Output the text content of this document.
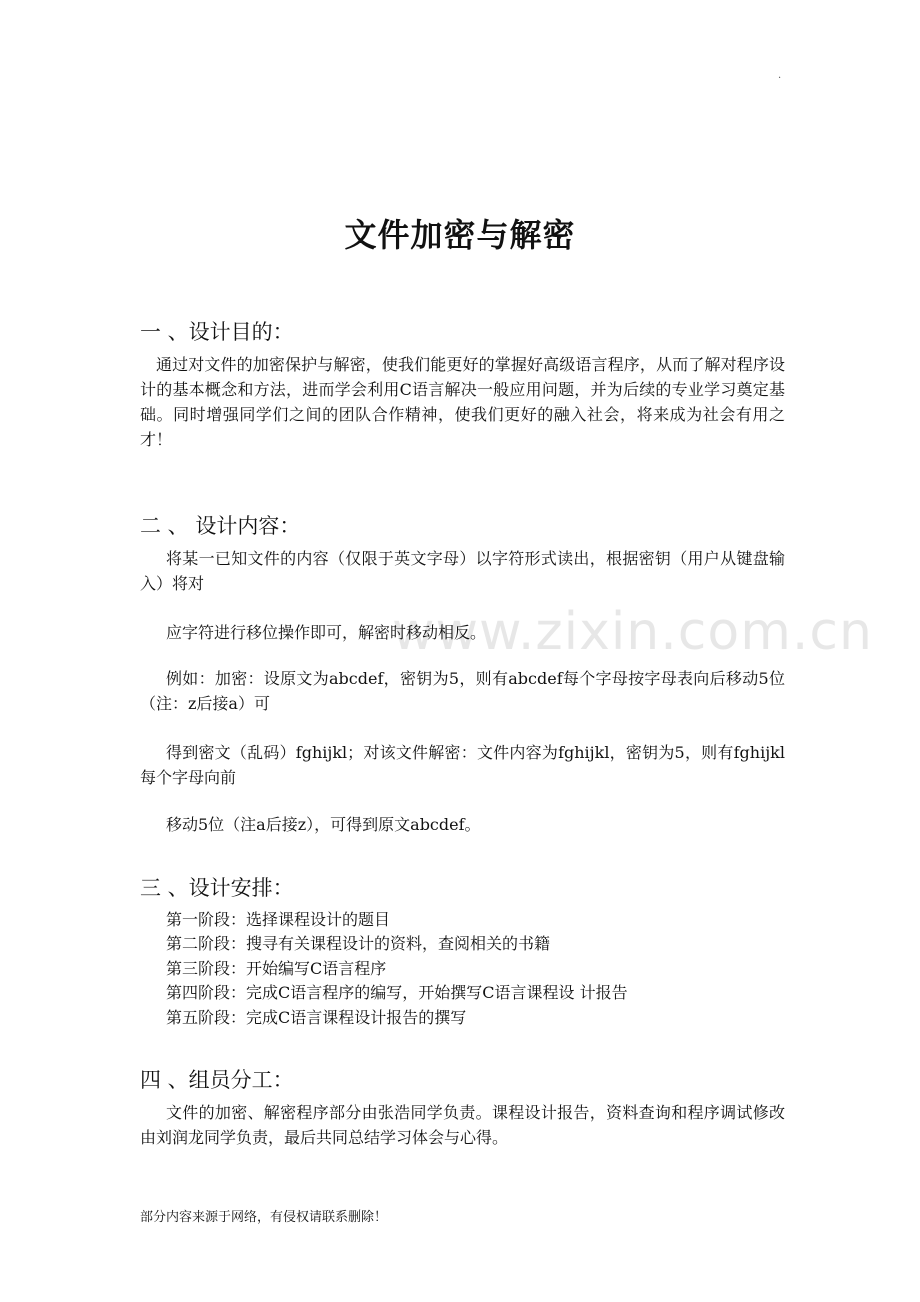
.
www.zixin.com.cn
文件加密与解密
一 、设计目的：
通过对文件的加密保护与解密，使我们能更好的掌握好高级语言程序，从而了解对程序设计的基本概念和方法，进而学会利用C语言解决一般应用问题，并为后续的专业学习奠定基础。同时增强同学们之间的团队合作精神，使我们更好的融入社会，将来成为社会有用之才！
二 、 设计内容：
将某一已知文件的内容（仅限于英文字母）以字符形式读出，根据密钥（用户从键盘输入）将对
应字符进行移位操作即可，解密时移动相反。
例如：加密：设原文为abcdef，密钥为5，则有abcdef每个字母按字母表向后移动5位（注：z后接a）可
得到密文（乱码）fghijkl；对该文件解密：文件内容为fghijkl，密钥为5，则有fghijkl每个字母向前
移动5位（注a后接z），可得到原文abcdef。
三 、设计安排：
第一阶段：选择课程设计的题目
第二阶段：搜寻有关课程设计的资料，查阅相关的书籍
第三阶段：开始编写C语言程序
第四阶段：完成C语言程序的编写，开始撰写C语言课程设 计报告
第五阶段：完成C语言课程设计报告的撰写
四 、组员分工：
文件的加密、解密程序部分由张浩同学负责。课程设计报告，资料查询和程序调试修改由刘润龙同学负责，最后共同总结学习体会与心得。
部分内容来源于网络，有侵权请联系删除！
